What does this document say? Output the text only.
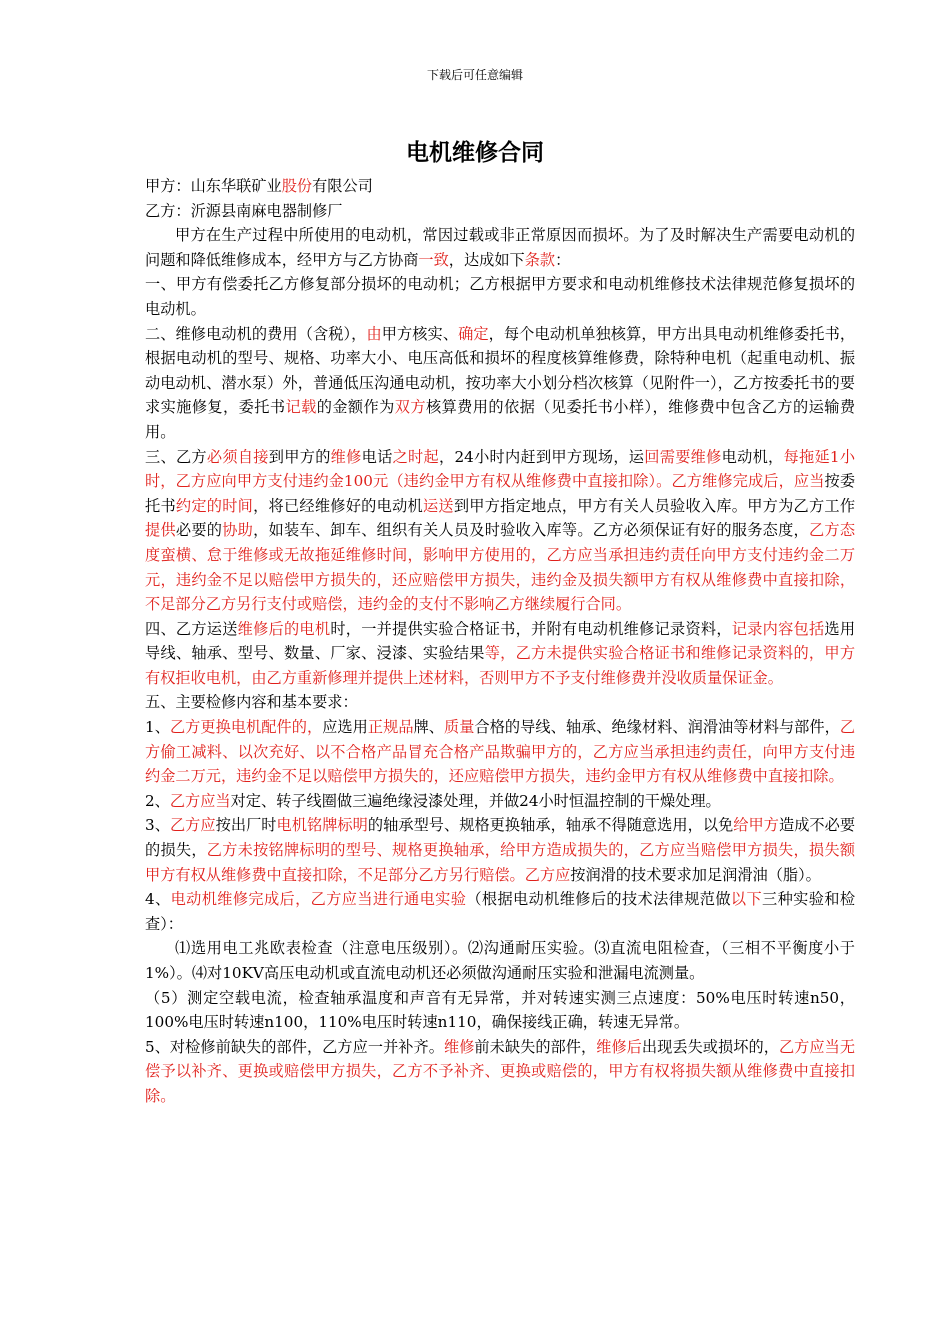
下载后可任意编辑
电机维修合同

甲方：山东华联矿业股份有限公司

乙方：沂源县南麻电器制修厂

甲方在生产过程中所使用的电动机，常因过载或非正常原因而损坏。为了及时解决生产需要电动机的问题和降低维修成本，经甲方与乙方协商一致，达成如下条款：

一、甲方有偿委托乙方修复部分损坏的电动机；乙方根据甲方要求和电动机维修技术法律规范修复损坏的电动机。

二、维修电动机的费用（含税），由甲方核实、确定，每个电动机单独核算，甲方出具电动机维修委托书，根据电动机的型号、规格、功率大小、电压高低和损坏的程度核算维修费，除特种电机（起重电动机、振动电动机、潜水泵）外，普通低压沟通电动机，按功率大小划分档次核算（见附件一），乙方按委托书的要求实施修复，委托书记载的金额作为双方核算费用的依据（见委托书小样），维修费中包含乙方的运输费用。

三、乙方必须自接到甲方的维修电话之时起，24小时内赶到甲方现场，运回需要维修电动机，每拖延1小时，乙方应向甲方支付违约金100元（违约金甲方有权从维修费中直接扣除）。乙方维修完成后，应当按委托书约定的时间，将已经维修好的电动机运送到甲方指定地点，甲方有关人员验收入库。甲方为乙方工作提供必要的协助，如装车、卸车、组织有关人员及时验收入库等。乙方必须保证有好的服务态度，乙方态度蛮横、怠于维修或无故拖延维修时间，影响甲方使用的，乙方应当承担违约责任向甲方支付违约金二万元，违约金不足以赔偿甲方损失的，还应赔偿甲方损失，违约金及损失额甲方有权从维修费中直接扣除，不足部分乙方另行支付或赔偿，违约金的支付不影响乙方继续履行合同。

四、乙方运送维修后的电机时，一并提供实验合格证书，并附有电动机维修记录资料，记录内容包括选用导线、轴承、型号、数量、厂家、浸漆、实验结果等，乙方未提供实验合格证书和维修记录资料的，甲方有权拒收电机，由乙方重新修理并提供上述材料，否则甲方不予支付维修费并没收质量保证金。

五、主要检修内容和基本要求：

1、乙方更换电机配件的，应选用正规品牌、质量合格的导线、轴承、绝缘材料、润滑油等材料与部件，乙方偷工减料、以次充好、以不合格产品冒充合格产品欺骗甲方的，乙方应当承担违约责任，向甲方支付违约金二万元，违约金不足以赔偿甲方损失的，还应赔偿甲方损失，违约金甲方有权从维修费中直接扣除。

2、乙方应当对定、转子线圈做三遍绝缘浸漆处理，并做24小时恒温控制的干燥处理。

3、乙方应按出厂时电机铭牌标明的轴承型号、规格更换轴承，轴承不得随意选用，以免给甲方造成不必要的损失，乙方未按铭牌标明的型号、规格更换轴承，给甲方造成损失的，乙方应当赔偿甲方损失，损失额甲方有权从维修费中直接扣除，不足部分乙方另行赔偿。乙方应按润滑的技术要求加足润滑油（脂）。

4、电动机维修完成后，乙方应当进行通电实验（根据电动机维修后的技术法律规范做以下三种实验和检查）：

⑴选用电工兆欧表检查（注意电压级别）。⑵沟通耐压实验。⑶直流电阻检查，（三相不平衡度小于1%）。⑷对10KV高压电动机或直流电动机还必须做沟通耐压实验和泄漏电流测量。

（5）测定空载电流，检查轴承温度和声音有无异常，并对转速实测三点速度：50%电压时转速n50，100%电压时转速n100，110%电压时转速n110，确保接线正确，转速无异常。

5、对检修前缺失的部件，乙方应一并补齐。维修前未缺失的部件，维修后出现丢失或损坏的，乙方应当无偿予以补齐、更换或赔偿甲方损失，乙方不予补齐、更换或赔偿的，甲方有权将损失额从维修费中直接扣除。
